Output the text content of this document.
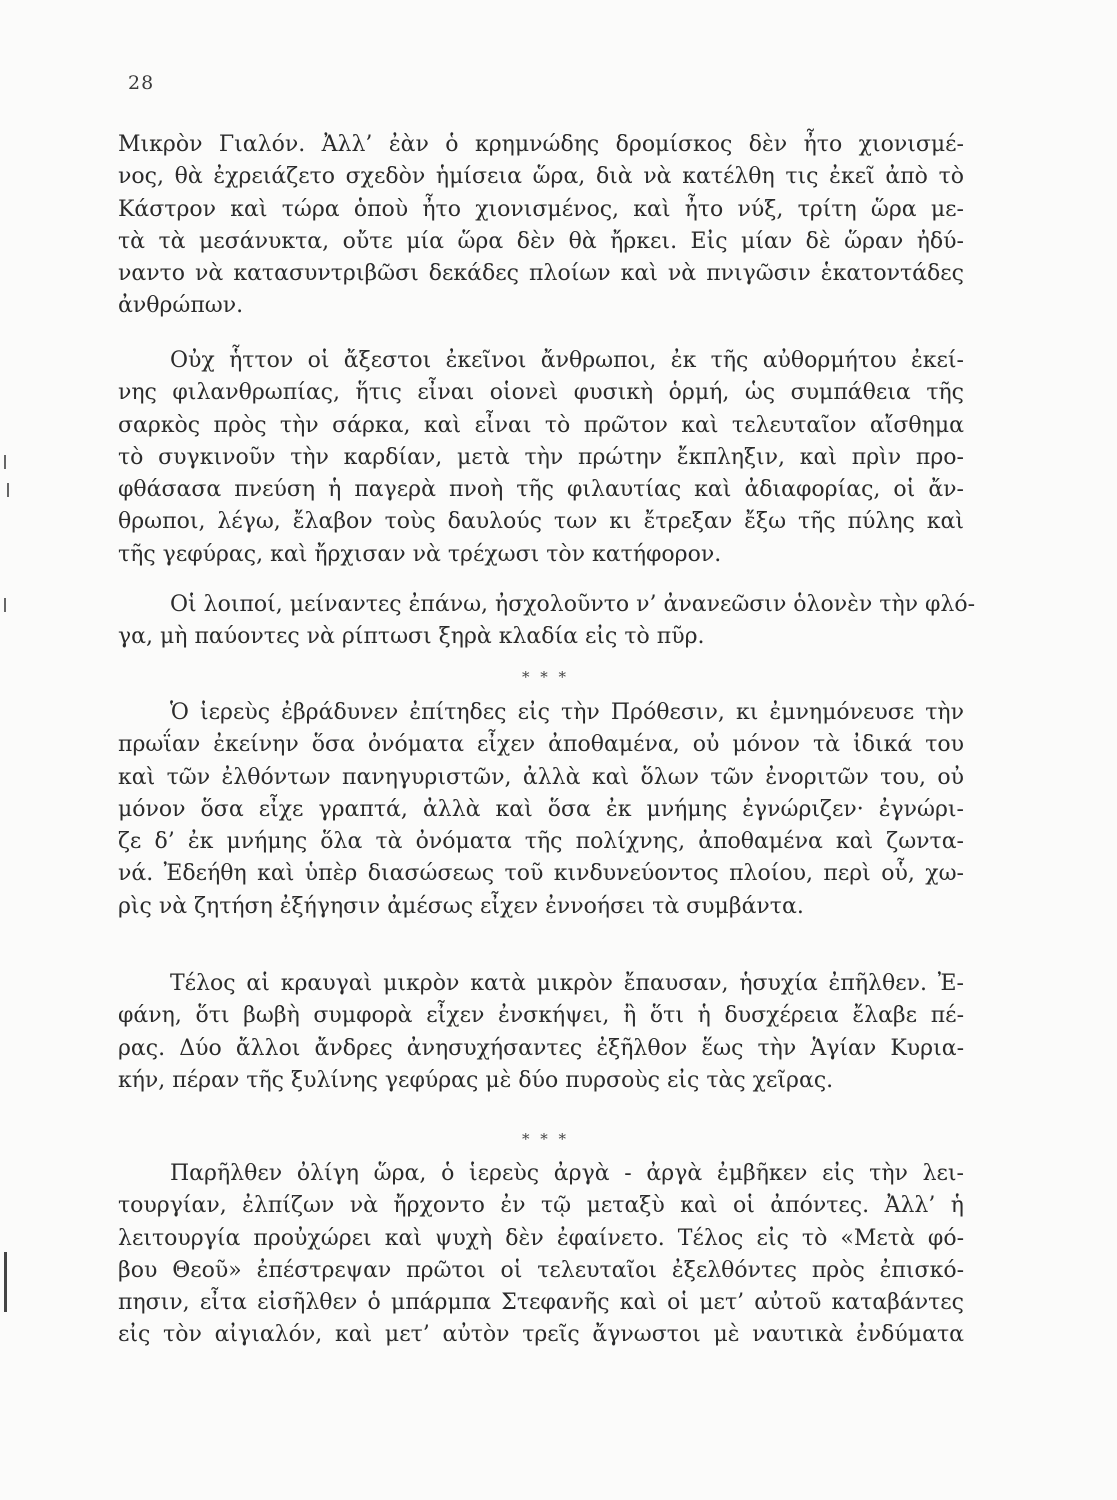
28
Μικρὸν Γιαλόν. Ἀλλ’ ἐὰν ὁ κρημνώδης δρομίσκος δὲν ἦτο χιονισμέ-
νος, θὰ ἐχρειάζετο σχεδὸν ἡμίσεια ὥρα, διὰ νὰ κατέλθη τις ἐκεῖ ἀπὸ τὸ
Κάστρον καὶ τώρα ὁποὺ ἦτο χιονισμένος, καὶ ἦτο νύξ, τρίτη ὥρα με-
τὰ τὰ μεσάνυκτα, οὔτε μία ὥρα δὲν θὰ ἤρκει. Εἰς μίαν δὲ ὥραν ἠδύ-
ναντο νὰ κατασυντριβῶσι δεκάδες πλοίων καὶ νὰ πνιγῶσιν ἑκατοντάδες
ἀνθρώπων.
Οὐχ ἧττον οἱ ἄξεστοι ἐκεῖνοι ἄνθρωποι, ἐκ τῆς αὐθορμήτου ἐκεί-
νης φιλανθρωπίας, ἥτις εἶναι οἱονεὶ φυσικὴ ὁρμή, ὡς συμπάθεια τῆς
σαρκὸς πρὸς τὴν σάρκα, καὶ εἶναι τὸ πρῶτον καὶ τελευταῖον αἴσθημα
τὸ συγκινοῦν τὴν καρδίαν, μετὰ τὴν πρώτην ἔκπληξιν, καὶ πρὶν προ-
φθάσασα πνεύση ἡ παγερὰ πνοὴ τῆς φιλαυτίας καὶ ἀδιαφορίας, οἱ ἄν-
θρωποι, λέγω, ἔλαβον τοὺς δαυλούς των κι ἔτρεξαν ἔξω τῆς πύλης καὶ
τῆς γεφύρας, καὶ ἤρχισαν νὰ τρέχωσι τὸν κατήφορον.
Οἱ λοιποί, μείναντες ἐπάνω, ἠσχολοῦντο ν’ ἀνανεῶσιν ὁλονὲν τὴν φλό-
γα, μὴ παύοντες νὰ ρίπτωσι ξηρὰ κλαδία εἰς τὸ πῦρ.
* * *
Ὁ ἱερεὺς ἐβράδυνεν ἐπίτηδες εἰς τὴν Πρόθεσιν, κι ἐμνημόνευσε τὴν
πρωΐαν ἐκείνην ὅσα ὀνόματα εἶχεν ἀποθαμένα, οὐ μόνον τὰ ἰδικά του
καὶ τῶν ἐλθόντων πανηγυριστῶν, ἀλλὰ καὶ ὅλων τῶν ἐνοριτῶν του, οὐ
μόνον ὅσα εἶχε γραπτά, ἀλλὰ καὶ ὅσα ἐκ μνήμης ἐγνώριζεν· ἐγνώρι-
ζε δ’ ἐκ μνήμης ὅλα τὰ ὀνόματα τῆς πολίχνης, ἀποθαμένα καὶ ζωντα-
νά. Ἐδεήθη καὶ ὑπὲρ διασώσεως τοῦ κινδυνεύοντος πλοίου, περὶ οὗ, χω-
ρὶς νὰ ζητήση ἐξήγησιν ἀμέσως εἶχεν ἐννοήσει τὰ συμβάντα.
Τέλος αἱ κραυγαὶ μικρὸν κατὰ μικρὸν ἔπαυσαν, ἡσυχία ἐπῆλθεν. Ἐ-
φάνη, ὅτι βωβὴ συμφορὰ εἶχεν ἐνσκήψει, ἢ ὅτι ἡ δυσχέρεια ἔλαβε πέ-
ρας. Δύο ἄλλοι ἄνδρες ἀνησυχήσαντες ἐξῆλθον ἕως τὴν Ἁγίαν Κυρια-
κήν, πέραν τῆς ξυλίνης γεφύρας μὲ δύο πυρσοὺς εἰς τὰς χεῖρας.
* * *
Παρῆλθεν ὀλίγη ὥρα, ὁ ἱερεὺς ἀργὰ - ἀργὰ ἐμβῆκεν εἰς τὴν λει-
τουργίαν, ἐλπίζων νὰ ἤρχοντο ἐν τῷ μεταξὺ καὶ οἱ ἀπόντες. Ἀλλ’ ἡ
λειτουργία προὐχώρει καὶ ψυχὴ δὲν ἐφαίνετο. Τέλος εἰς τὸ «Μετὰ φό-
βου Θεοῦ» ἐπέστρεψαν πρῶτοι οἱ τελευταῖοι ἐξελθόντες πρὸς ἐπισκό-
πησιν, εἶτα εἰσῆλθεν ὁ μπάρμπα Στεφανῆς καὶ οἱ μετ’ αὐτοῦ καταβάντες
εἰς τὸν αἰγιαλόν, καὶ μετ’ αὐτὸν τρεῖς ἄγνωστοι μὲ ναυτικὰ ἐνδύματα
